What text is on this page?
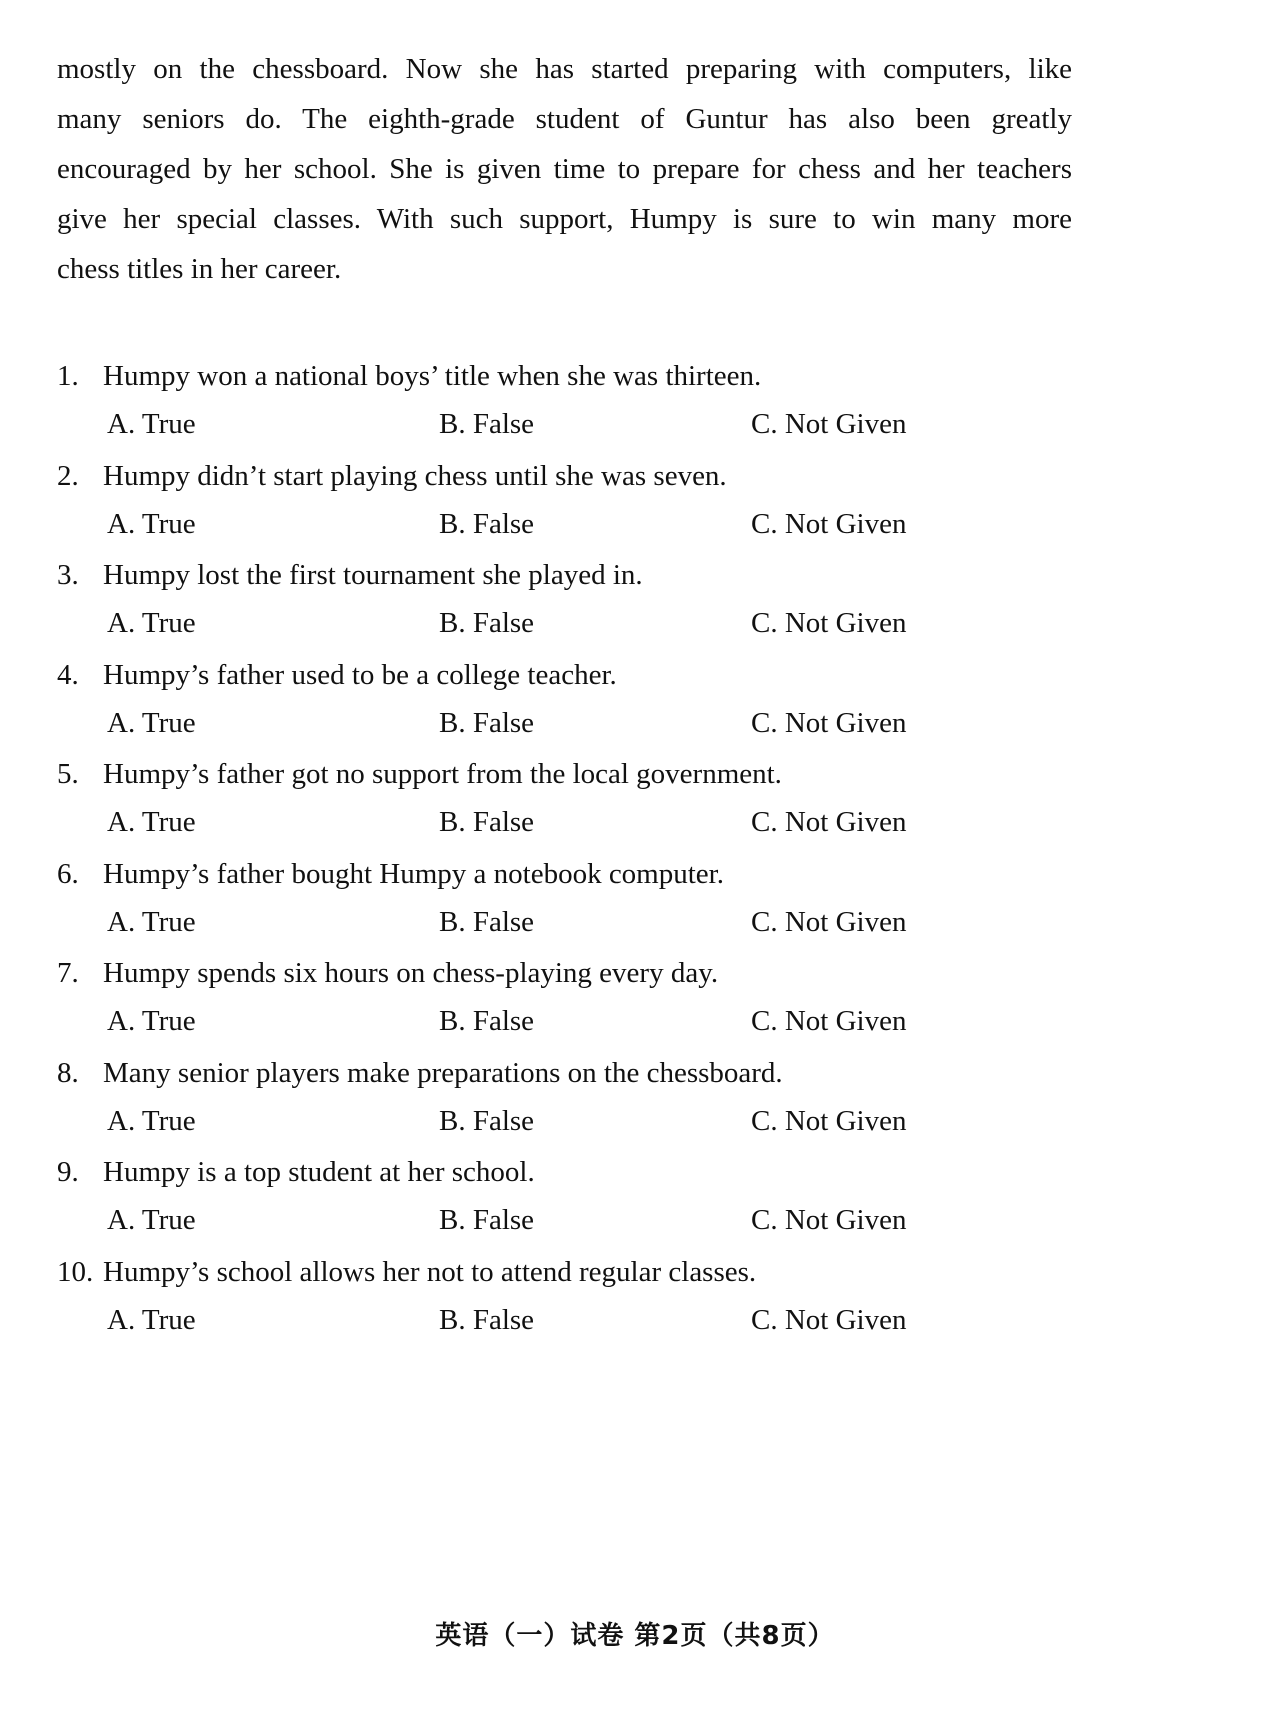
mostly on the chessboard. Now she has started preparing with computers, like
many seniors do. The eighth-grade student of Guntur has also been greatly
encouraged by her school. She is given time to prepare for chess and her teachers
give her special classes. With such support, Humpy is sure to win many more
chess titles in her career.
1. Humpy won a national boys’ title when she was thirteen.
A. True	B. False	C. Not Given
2. Humpy didn’t start playing chess until she was seven.
A. True	B. False	C. Not Given
3. Humpy lost the first tournament she played in.
A. True	B. False	C. Not Given
4. Humpy’s father used to be a college teacher.
A. True	B. False	C. Not Given
5. Humpy’s father got no support from the local government.
A. True	B. False	C. Not Given
6. Humpy’s father bought Humpy a notebook computer.
A. True	B. False	C. Not Given
7. Humpy spends six hours on chess-playing every day.
A. True	B. False	C. Not Given
8. Many senior players make preparations on the chessboard.
A. True	B. False	C. Not Given
9. Humpy is a top student at her school.
A. True	B. False	C. Not Given
10. Humpy’s school allows her not to attend regular classes.
A. True	B. False	C. Not Given
英语（一）试卷 第2页（共8页）
